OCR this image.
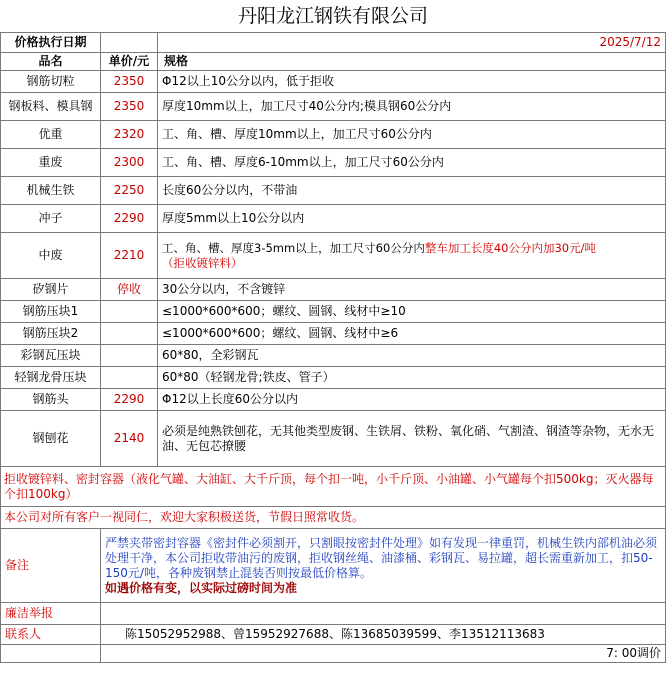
丹阳龙江钢铁有限公司		
价格执行日期		2025/7/12
品名	单价/元	规格
钢筋切粒	2350	Φ12以上10公分以内，低于拒收
钢板料、模具钢	2350	厚度10mm以上，加工尺寸40公分内;模具钢60公分内
优重	2320	工、角、槽、厚度10mm以上，加工尺寸60公分内
重废	2300	工、角、槽、厚度6-10mm以上，加工尺寸60公分内
机械生铁	2250	长度60公分以内，不带油
冲子	2290	厚度5mm以上10公分以内
中废	2210	工、角、槽、厚度3-5mm以上，加工尺寸60公分内整车加工长度40公分内加30元/吨
（拒收镀锌料）
矽钢片	停收	30公分以内，不含镀锌
钢筋压块1		≤1000*600*600；螺纹、圆钢、线材中≥10
钢筋压块2		≤1000*600*600；螺纹、圆钢、线材中≥6
彩钢瓦压块		60*80，全彩钢瓦
轻钢龙骨压块		60*80（轻钢龙骨;铁皮、管子）
钢筋头	2290	Φ12以上长度60公分以内
钢刨花	2140	必须是纯熟铁刨花，无其他类型废钢、生铁屑、铁粉、氧化硝、气割渣、钢渣等杂物，无水无油、无包芯撩腰
拒收镀锌料、密封容器（液化气罐、大油缸、大千斤顶，每个扣一吨，小千斤顶、小油罐、小气罐每个扣500kg；灭火器每个扣100kg）		
本公司对所有客户一视同仁，欢迎大家积极送货，节假日照常收货。		
备注	严禁夹带密封容器《密封件必须割开，只割眼按密封件处理》如有发现一律重罚，机械生铁内部机油必须处理干净，本公司拒收带油污的废钢，拒收钢丝绳、油漆桶、彩钢瓦、易拉罐，超长需重新加工，扣50-150元/吨，各种废钢禁止混装否则按最低价格算。
如遇价格有变，以实际过磅时间为准	

廉洁举报		
联系人	陈15052952988、曾15952927688、陈13685039599、李13512113683	
	7: 00调价	
